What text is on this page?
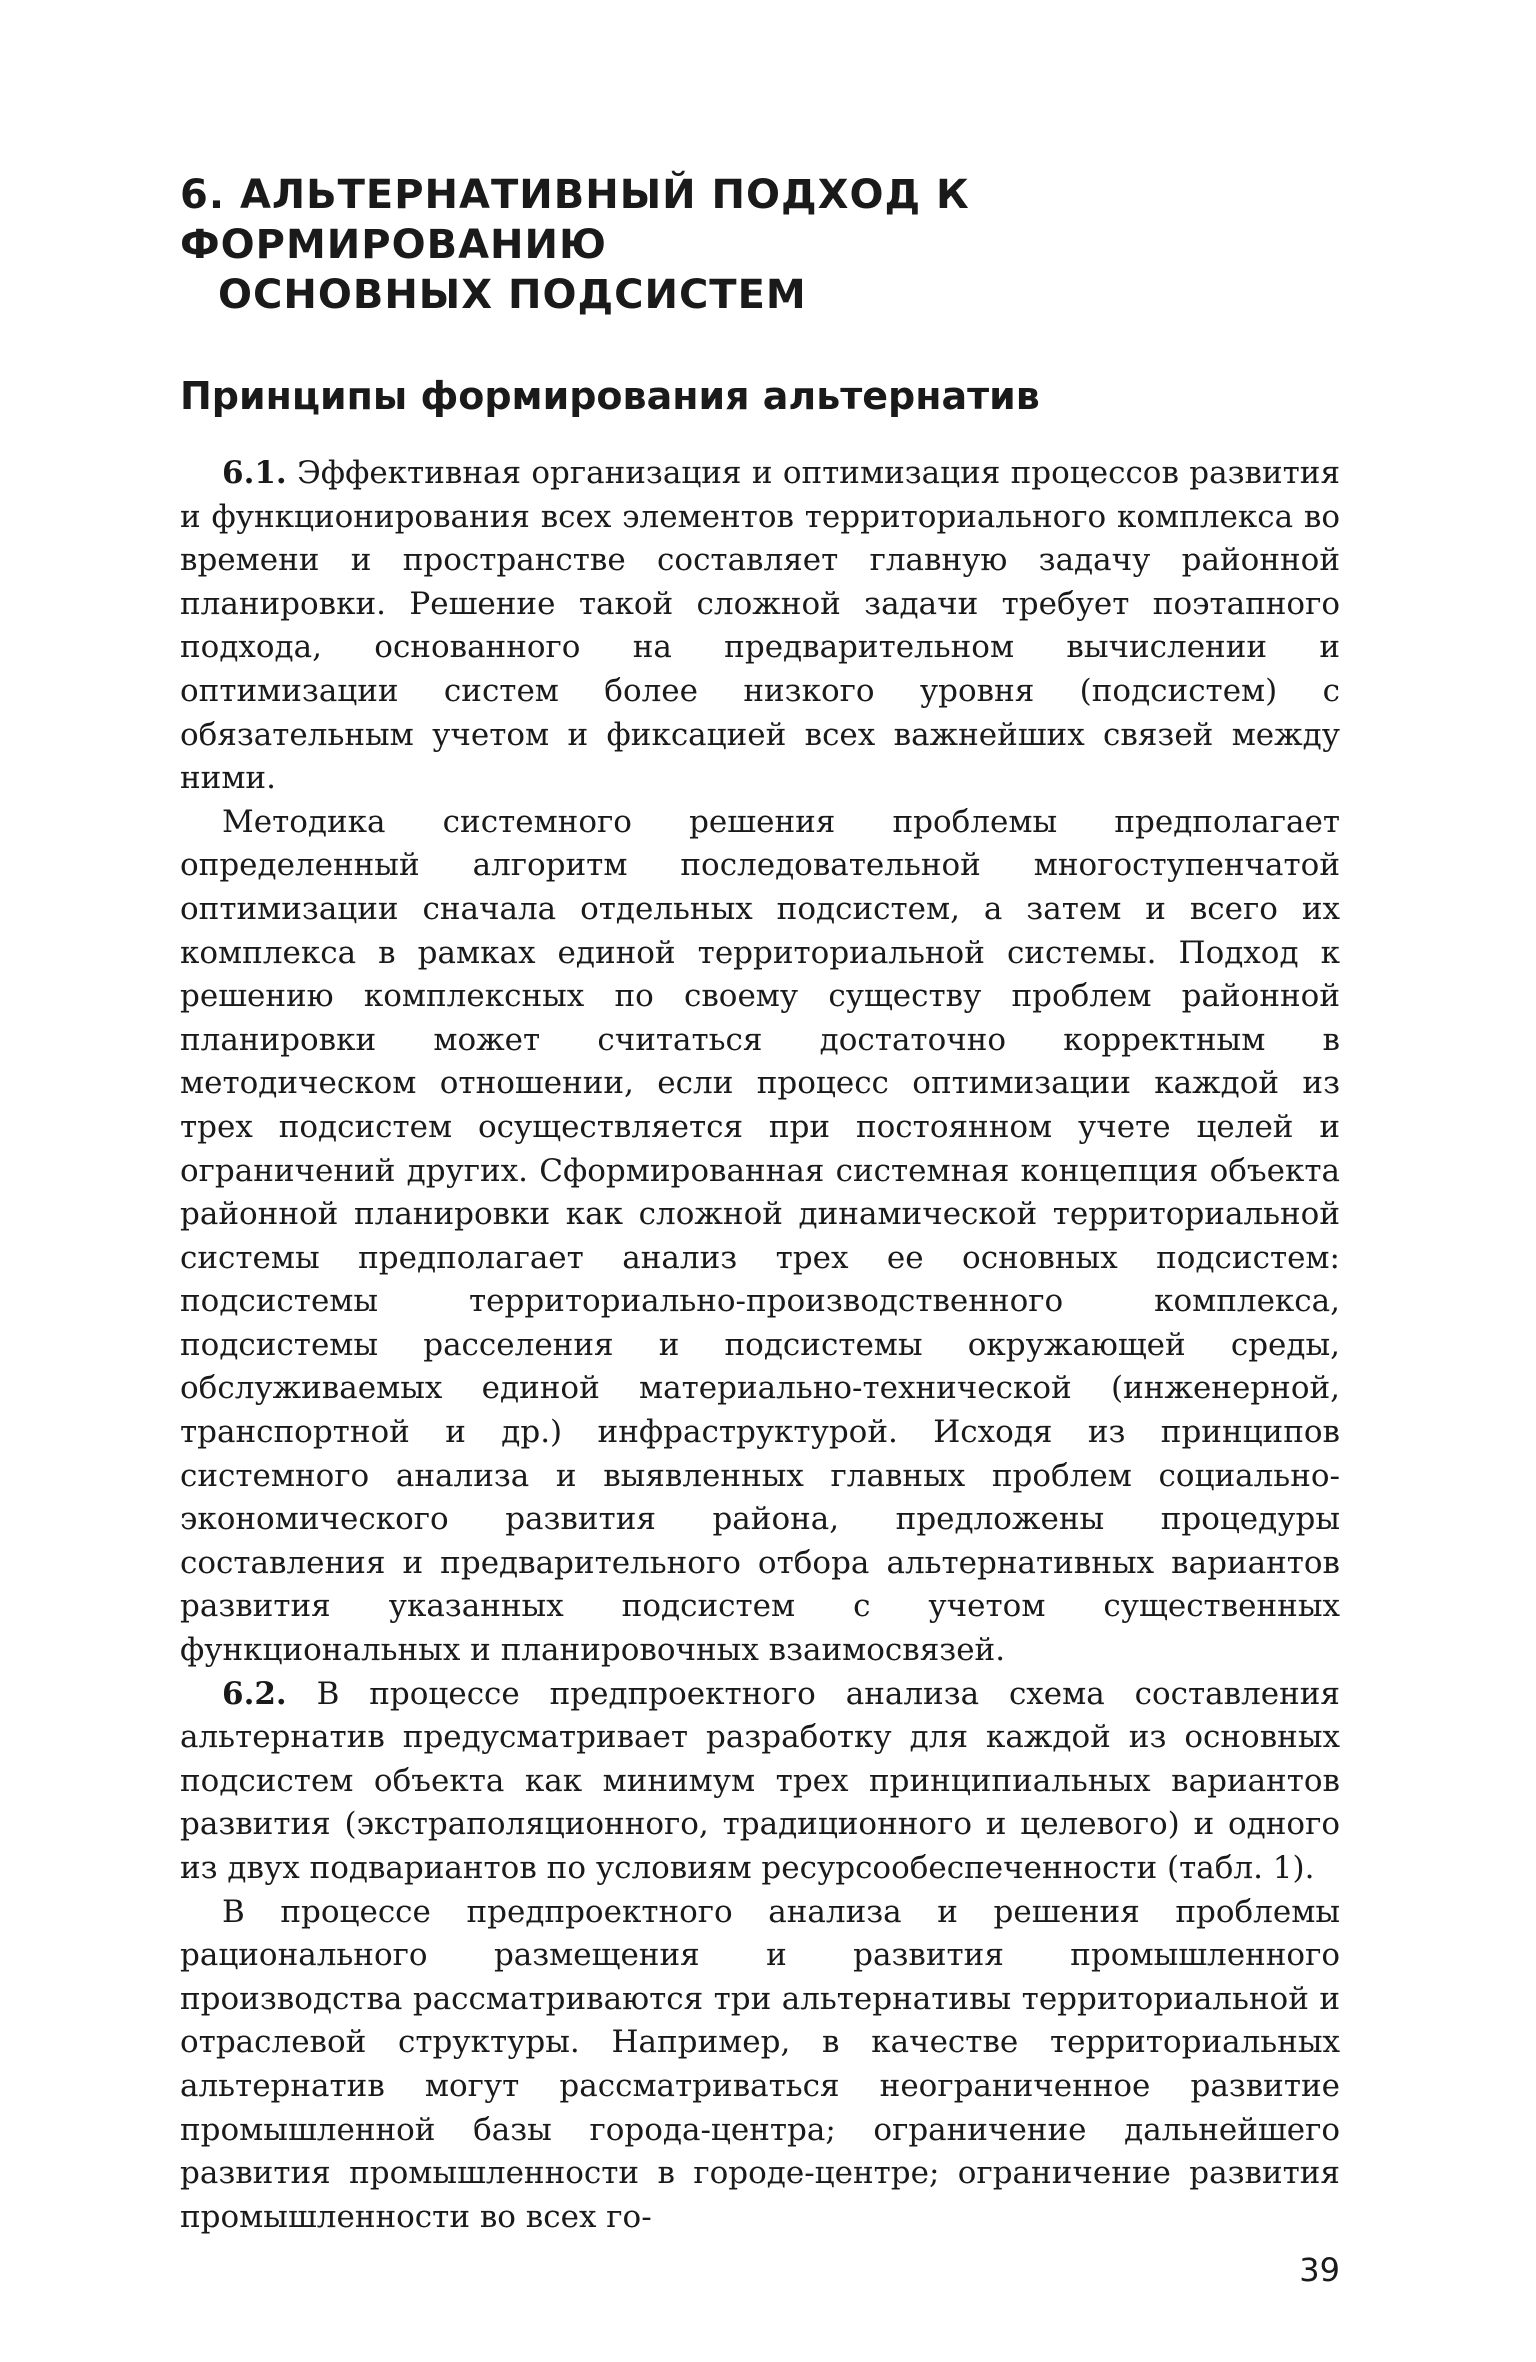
6. АЛЬТЕРНАТИВНЫЙ ПОДХОД К ФОРМИРОВАНИЮ
ОСНОВНЫХ ПОДСИСТЕМ
Принципы формирования альтернатив

6.1. Эффективная организация и оптимизация процессов развития и функционирования всех элементов территориального комплекса во времени и пространстве составляет главную задачу районной планировки. Решение такой сложной задачи требует поэтапного подхода, основанного на предварительном вычислении и оптимизации систем более низкого уровня (подсистем) с обязательным учетом и фиксацией всех важнейших связей между ними.

Методика системного решения проблемы предполагает определенный алгоритм последовательной многоступенчатой оптимизации сначала отдельных подсистем, а затем и всего их комплекса в рамках единой территориальной системы. Подход к решению комплексных по своему существу проблем районной планировки может считаться достаточно корректным в методическом отношении, если процесс оптимизации каждой из трех подсистем осуществляется при постоянном учете целей и ограничений других. Сформированная системная концепция объекта районной планировки как сложной динамической территориальной системы предполагает анализ трех ее основных подсистем: подсистемы территориально-производственного комплекса, подсистемы расселения и подсистемы окружающей среды, обслуживаемых единой материально-технической (инженерной, транспортной и др.) инфраструктурой. Исходя из принципов системного анализа и выявленных главных проблем социально-экономического развития района, предложены процедуры составления и предварительного отбора альтернативных вариантов развития указанных подсистем с учетом существенных функциональных и планировочных взаимосвязей.

6.2. В процессе предпроектного анализа схема составления альтернатив предусматривает разработку для каждой из основных подсистем объекта как минимум трех принципиальных вариантов развития (экстраполяционного, традиционного и целевого) и одного из двух подвариантов по условиям ресурсообеспеченности (табл. 1).

В процессе предпроектного анализа и решения проблемы рационального размещения и развития промышленного производства рассматриваются три альтернативы территориальной и отраслевой структуры. Например, в качестве территориальных альтернатив могут рассматриваться неограниченное развитие промышленной базы города-центра; ограничение дальнейшего развития промышленности в городе-центре; ограничение развития промышленности во всех го-

39
